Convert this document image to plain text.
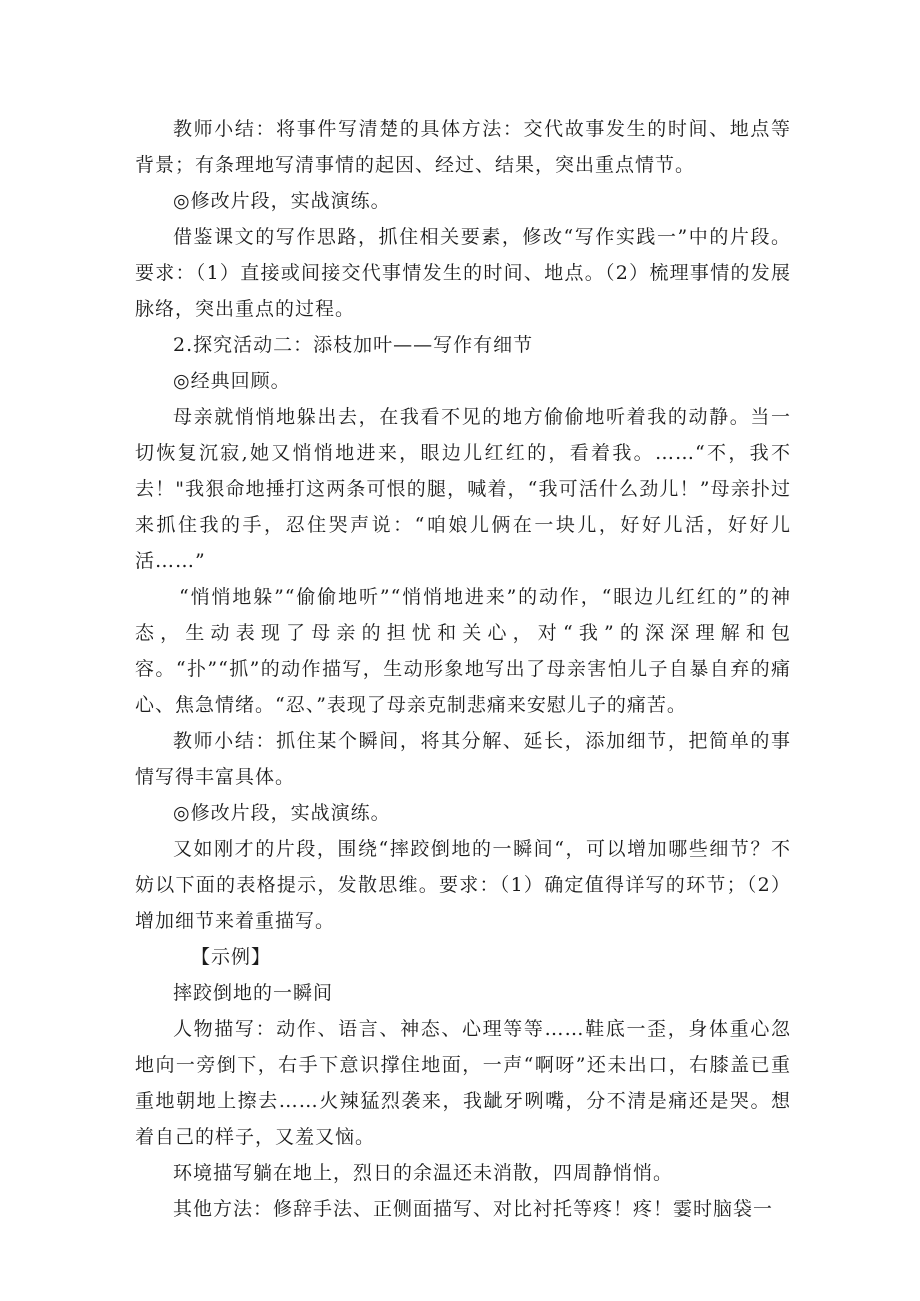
教师小结：将事件写清楚的具体方法：交代故事发生的时间、地点等背景；有条理地写清事情的起因、经过、结果，突出重点情节。

◎修改片段，实战演练。

借鉴课文的写作思路，抓住相关要素，修改“写作实践一”中的片段。要求：（1）直接或间接交代事情发生的时间、地点。（2）梳理事情的发展脉络，突出重点的过程。

2.探究活动二：添枝加叶——写作有细节

◎经典回顾。

母亲就悄悄地躲出去，在我看不见的地方偷偷地听着我的动静。当一切恢复沉寂,她又悄悄地进来，眼边儿红红的，看着我。……“不，我不去！"我狠命地捶打这两条可恨的腿，喊着，“我可活什么劲儿！”母亲扑过来抓住我的手，忍住哭声说：“咱娘儿俩在一块儿，好好儿活，好好儿活……”

“悄悄地躲”“偷偷地听”“悄悄地进来”的动作，“眼边儿红红的”的神态，生动表现了母亲的担忧和关心，对“我”的深深理解和包容。“扑”“抓”的动作描写，生动形象地写出了母亲害怕儿子自暴自弃的痛心、焦急情绪。“忍、”表现了母亲克制悲痛来安慰儿子的痛苦。

教师小结：抓住某个瞬间，将其分解、延长，添加细节，把简单的事情写得丰富具体。

◎修改片段，实战演练。

又如刚才的片段，围绕“摔跤倒地的一瞬间“，可以增加哪些细节？不妨以下面的表格提示，发散思维。要求：（1）确定值得详写的环节；（2）增加细节来着重描写。

【示例】

摔跤倒地的一瞬间

人物描写：动作、语言、神态、心理等等……鞋底一歪，身体重心忽地向一旁倒下，右手下意识撑住地面，一声“啊呀”还未出口，右膝盖已重重地朝地上擦去……火辣猛烈袭来，我龇牙咧嘴，分不清是痛还是哭。想着自己的样子，又羞又恼。

环境描写躺在地上，烈日的余温还未消散，四周静悄悄。

其他方法：修辞手法、正侧面描写、对比衬托等疼！疼！霎时脑袋一
